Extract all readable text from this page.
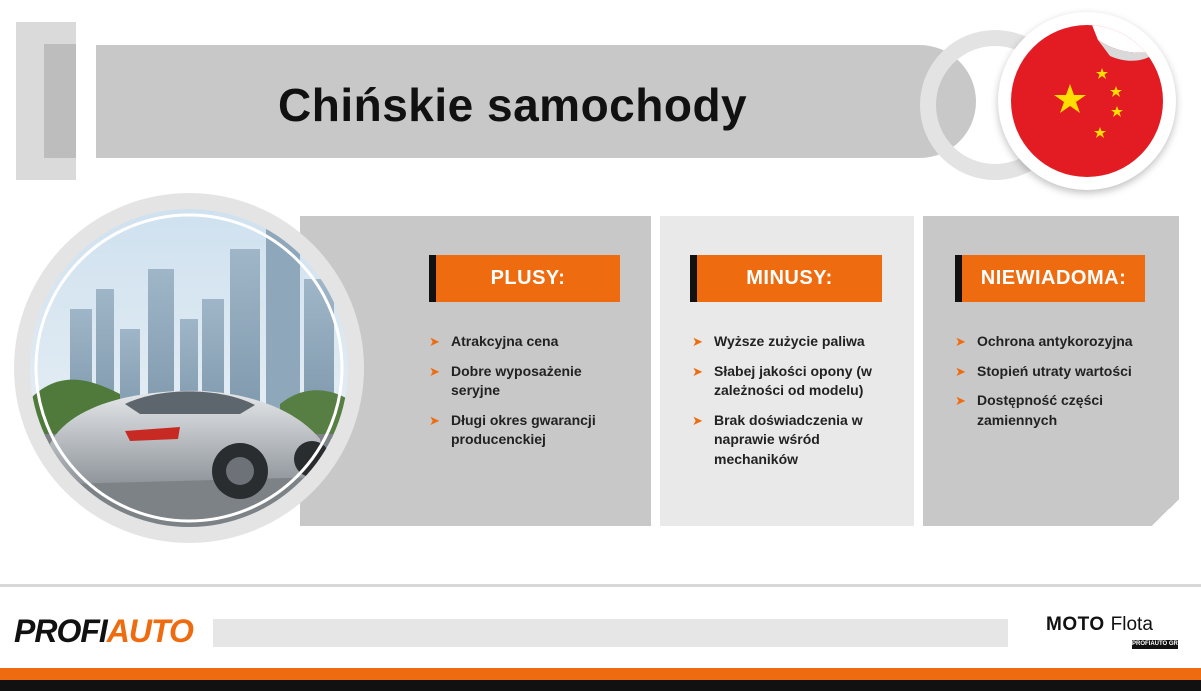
Chińskie samochody
PLUSY:	MINUSY:	NIEWIADOMA:
➤ Atrakcyjna cena
➤ Dobre wyposażenie seryjne
➤ Długi okres gwarancji producenckiej
➤ Wyższe zużycie paliwa
➤ Słabej jakości opony (w zależności od modelu)
➤ Brak doświadczenia w naprawie wśród mechaników
➤ Ochrona antykorozyjna
➤ Stopień utraty wartości
➤ Dostępność części zamiennych
PROFIAUTO	MOTO Flota
PROFIAUTO GROUP
